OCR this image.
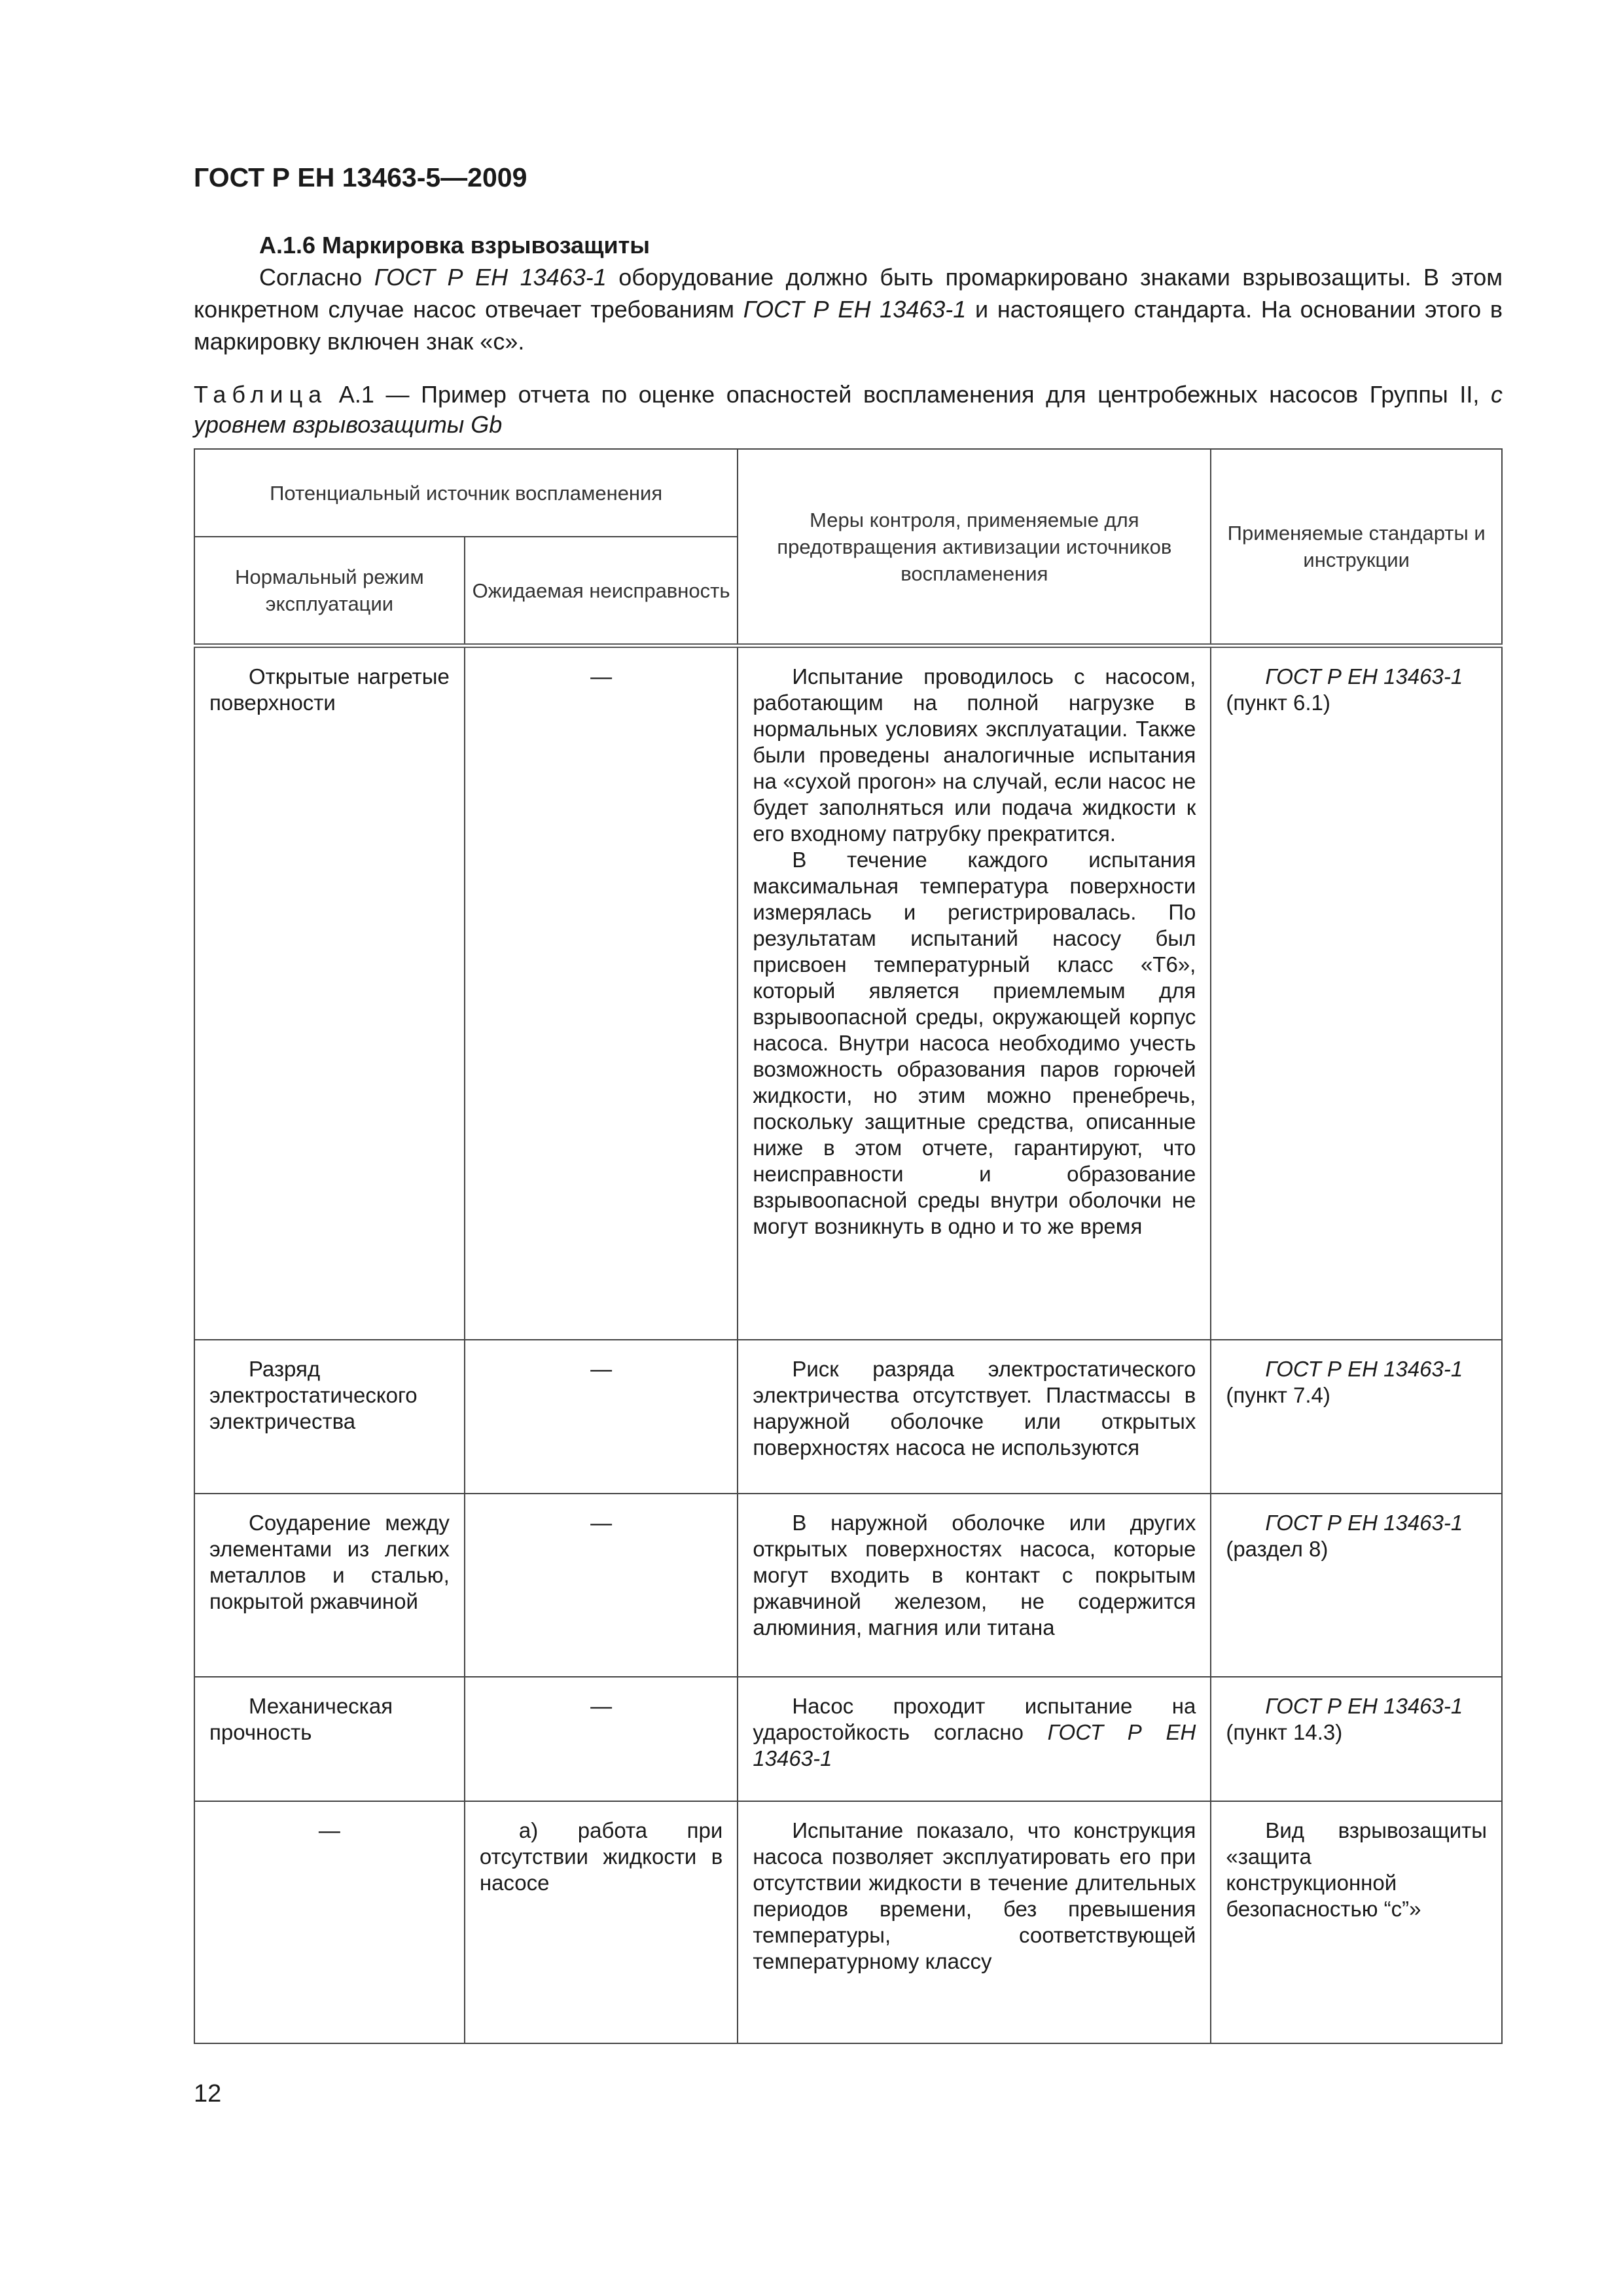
ГОСТ Р ЕН 13463-5—2009

А.1.6 Маркировка взрывозащиты

Согласно ГОСТ Р ЕН 13463-1 оборудование должно быть промаркировано знаками взрывозащиты. В этом конкретном случае насос отвечает требованиям ГОСТ Р ЕН 13463-1 и настоящего стандарта. На основании этого в маркировку включен знак «с».

Таблица А.1 — Пример отчета по оценке опасностей воспламенения для центробежных насосов Группы II, с уровнем взрывозащиты Gb
Потенциальный источник воспламенения		Меры контроля, применяемые для предотвращения активизации источников воспламенения	Применяемые стандарты и инструкции
Нормальный режим эксплуатации	Ожидаемая неисправность		

Открытые нагретые поверхности	—	Испытание проводилось с насосом, работающим на полной нагрузке в нормальных условиях эксплуатации. Также были проведены аналогичные испытания на «сухой прогон» на случай, если насос не будет заполняться или подача жидкости к его входному патрубку прекратится.
В течение каждого испытания максимальная температура поверхности измерялась и регистрировалась. По результатам испытаний насосу был присвоен температурный класс «Т6», который является приемлемым для взрывоопасной среды, окружающей корпус насоса. Внутри насоса необходимо учесть возможность образования паров горючей жидкости, но этим можно пренебречь, поскольку защитные средства, описанные ниже в этом отчете, гарантируют, что неисправности и образование взрывоопасной среды внутри оболочки не могут возникнуть в одно и то же время	ГОСТ Р ЕН 13463-1
(пункт 6.1)

Разряд электростатического электричества	—	Риск разряда электростатического электричества отсутствует. Пластмассы в наружной оболочке или открытых поверхностях насоса не используются	ГОСТ Р ЕН 13463-1
(пункт 7.4)

Соударение между элементами из легких металлов и сталью, покрытой ржавчиной	—	В наружной оболочке или других открытых поверхностях насоса, которые могут входить в контакт с покрытым ржавчиной железом, не содержится алюминия, магния или титана	ГОСТ Р ЕН 13463-1
(раздел 8)

Механическая прочность	—	Насос проходит испытание на ударостойкость согласно ГОСТ Р ЕН 13463-1	ГОСТ Р ЕН 13463-1
(пункт 14.3)
—	а) работа при отсутствии жидкости в насосе	Испытание показало, что конструкция насоса позволяет эксплуатировать его при отсутствии жидкости в течение длительных периодов времени, без превышения температуры, соответствующей температурному классу	Вид взрывозащиты «защита конструкционной безопасностью “с”»
12
